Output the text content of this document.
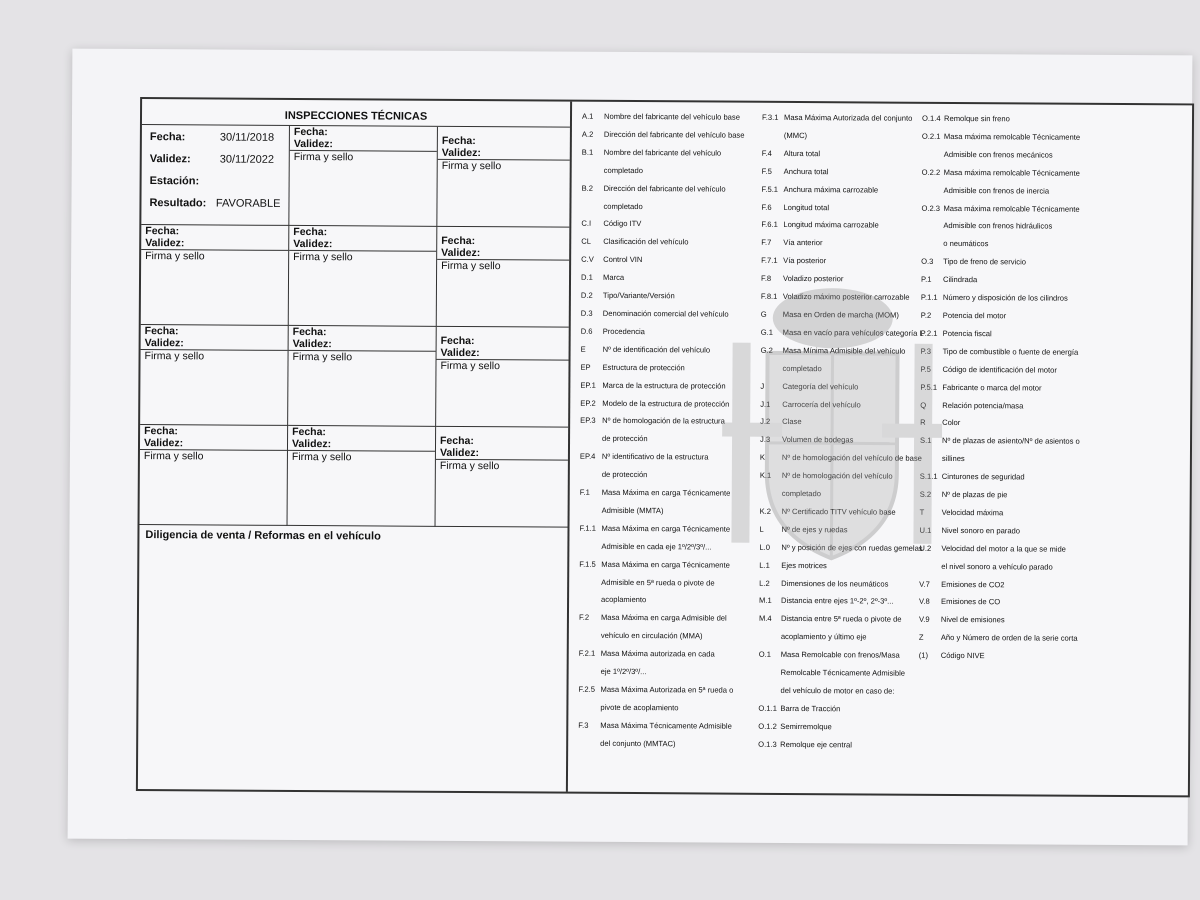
INSPECCIONES TÉCNICAS
Fecha:	30/11/2018
Validez:	30/11/2022
Estación:
Resultado: FAVORABLE
Fecha:
Validez:
Firma y sello
Fecha:
Validez:
Firma y sello
Fecha:
Validez:
Firma y sello
Fecha:
Validez:
Firma y sello
Fecha:
Validez:
Firma y sello
Fecha:
Validez:
Firma y sello
Fecha:
Validez:
Firma y sello
Fecha:
Validez:
Firma y sello
Fecha:
Validez:
Firma y sello
Fecha:
Validez:
Firma y sello
Fecha:
Validez:
Firma y sello
Diligencia de venta / Reformas en el vehículo
A.1	Nombre del fabricante del vehículo base
A.2	Dirección del fabricante del vehículo base
B.1	Nombre del fabricante del vehículo
completado
B.2	Dirección del fabricante del vehículo
completado
C.I	Código ITV
CL	Clasificación del vehículo
C.V	Control VIN
D.1	Marca
D.2	Tipo/Variante/Versión
D.3	Denominación comercial del vehículo
D.6	Procedencia
E	Nº de identificación del vehículo
EP	Estructura de protección
EP.1 Marca de la estructura de protección
EP.2 Modelo de la estructura de protección
EP.3 Nº de homologación de la estructura
de protección
EP.4 Nº identificativo de la estructura
de protección
F.1	Masa Máxima en carga Técnicamente
Admisible (MMTA)
F.1.1 Masa Máxima en carga Técnicamente
Admisible en cada eje 1º/2º/3º/...
F.1.5 Masa Máxima en carga Técnicamente
Admisible en 5ª rueda o pivote de
acoplamiento
F.2	Masa Máxima en carga Admisible del
vehículo en circulación (MMA)
F.2.1 Masa Máxima autorizada en cada
eje 1º/2º/3º/...
F.2.5 Masa Máxima Autorizada en 5ª rueda o
pivote de acoplamiento
F.3	Masa Máxima Técnicamente Admisible
del conjunto (MMTAC)
F.3.1 Masa Máxima Autorizada del conjunto
(MMC)
F.4	Altura total
F.5	Anchura total
F.5.1 Anchura máxima carrozable
F.6	Longitud total
F.6.1 Longitud máxima carrozable
F.7	Vía anterior
F.7.1 Vía posterior
F.8	Voladizo posterior
F.8.1 Voladizo máximo posterior carrozable
G	Masa en Orden de marcha (MOM)
G.1	Masa en vacío para vehículos categoría L
G.2	Masa Mínima Admisible del vehículo
completado
J	Categoría del vehículo
J.1	Carrocería del vehículo
J.2	Clase
J.3	Volumen de bodegas
K	Nº de homologación del vehículo de base
K.1	Nº de homologación del vehículo
completado
K.2	Nº Certificado TITV vehículo base
L	Nº de ejes y ruedas
L.0	Nº y posición de ejes con ruedas gemelas
L.1	Ejes motrices
L.2	Dimensiones de los neumáticos
M.1	Distancia entre ejes 1º-2º, 2º-3º...
M.4	Distancia entre 5ª rueda o pivote de
acoplamiento y último eje
O.1	Masa Remolcable con frenos/Masa
Remolcable Técnicamente Admisible
del vehículo de motor en caso de:
O.1.1 Barra de Tracción
O.1.2 Semirremolque
O.1.3 Remolque eje central
O.1.4 Remolque sin freno
O.2.1 Masa máxima remolcable Técnicamente
Admisible con frenos mecánicos
O.2.2 Masa máxima remolcable Técnicamente
Admisible con frenos de inercia
O.2.3 Masa máxima remolcable Técnicamente
Admisible con frenos hidráulicos
o neumáticos
O.3	Tipo de freno de servicio
P.1	Cilindrada
P.1.1 Número y disposición de los cilindros
P.2	Potencia del motor
P.2.1 Potencia fiscal
P.3	Tipo de combustible o fuente de energía
P.5	Código de identificación del motor
P.5.1 Fabricante o marca del motor
Q	Relación potencia/masa
R	Color
S.1	Nº de plazas de asiento/Nº de asientos o
sillines
S.1.1 Cinturones de seguridad
S.2	Nº de plazas de pie
T	Velocidad máxima
U.1	Nivel sonoro en parado
U.2	Velocidad del motor a la que se mide
el nivel sonoro a vehículo parado
V.7	Emisiones de CO2
V.8	Emisiones de CO
V.9	Nivel de emisiones
Z	Año y Número de orden de la serie corta
(1)	Código NIVE
